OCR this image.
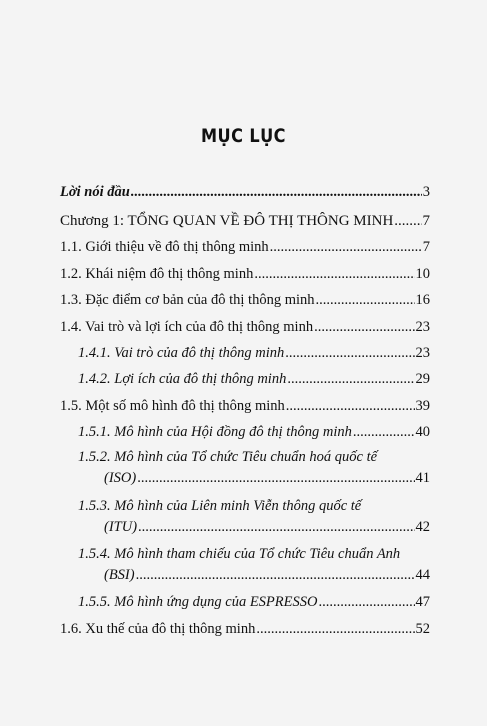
MỤC LỤC
Lời nói đầu .....	3
Chương 1: TỔNG QUAN VỀ ĐÔ THỊ THÔNG MINH ..... 7
1.1. Giới thiệu về đô thị thông minh .....	7
1.2. Khái niệm đô thị thông minh .....	10
1.3. Đặc điểm cơ bản của đô thị thông minh .....	16
1.4. Vai trò và lợi ích của đô thị thông minh .....	23
1.4.1. Vai trò của đô thị thông minh .....	23
1.4.2. Lợi ích của đô thị thông minh .....	29
1.5. Một số mô hình đô thị thông minh .....	39
1.5.1. Mô hình của Hội đồng đô thị thông minh .....	40
1.5.2. Mô hình của Tổ chức Tiêu chuẩn hoá quốc tế
(ISO) .....	41
1.5.3. Mô hình của Liên minh Viễn thông quốc tế
(ITU) .....	42
1.5.4. Mô hình tham chiếu của Tổ chức Tiêu chuẩn Anh
(BSI) .....	44
1.5.5. Mô hình ứng dụng của ESPRESSO .....	47
1.6. Xu thế của đô thị thông minh .....	52
